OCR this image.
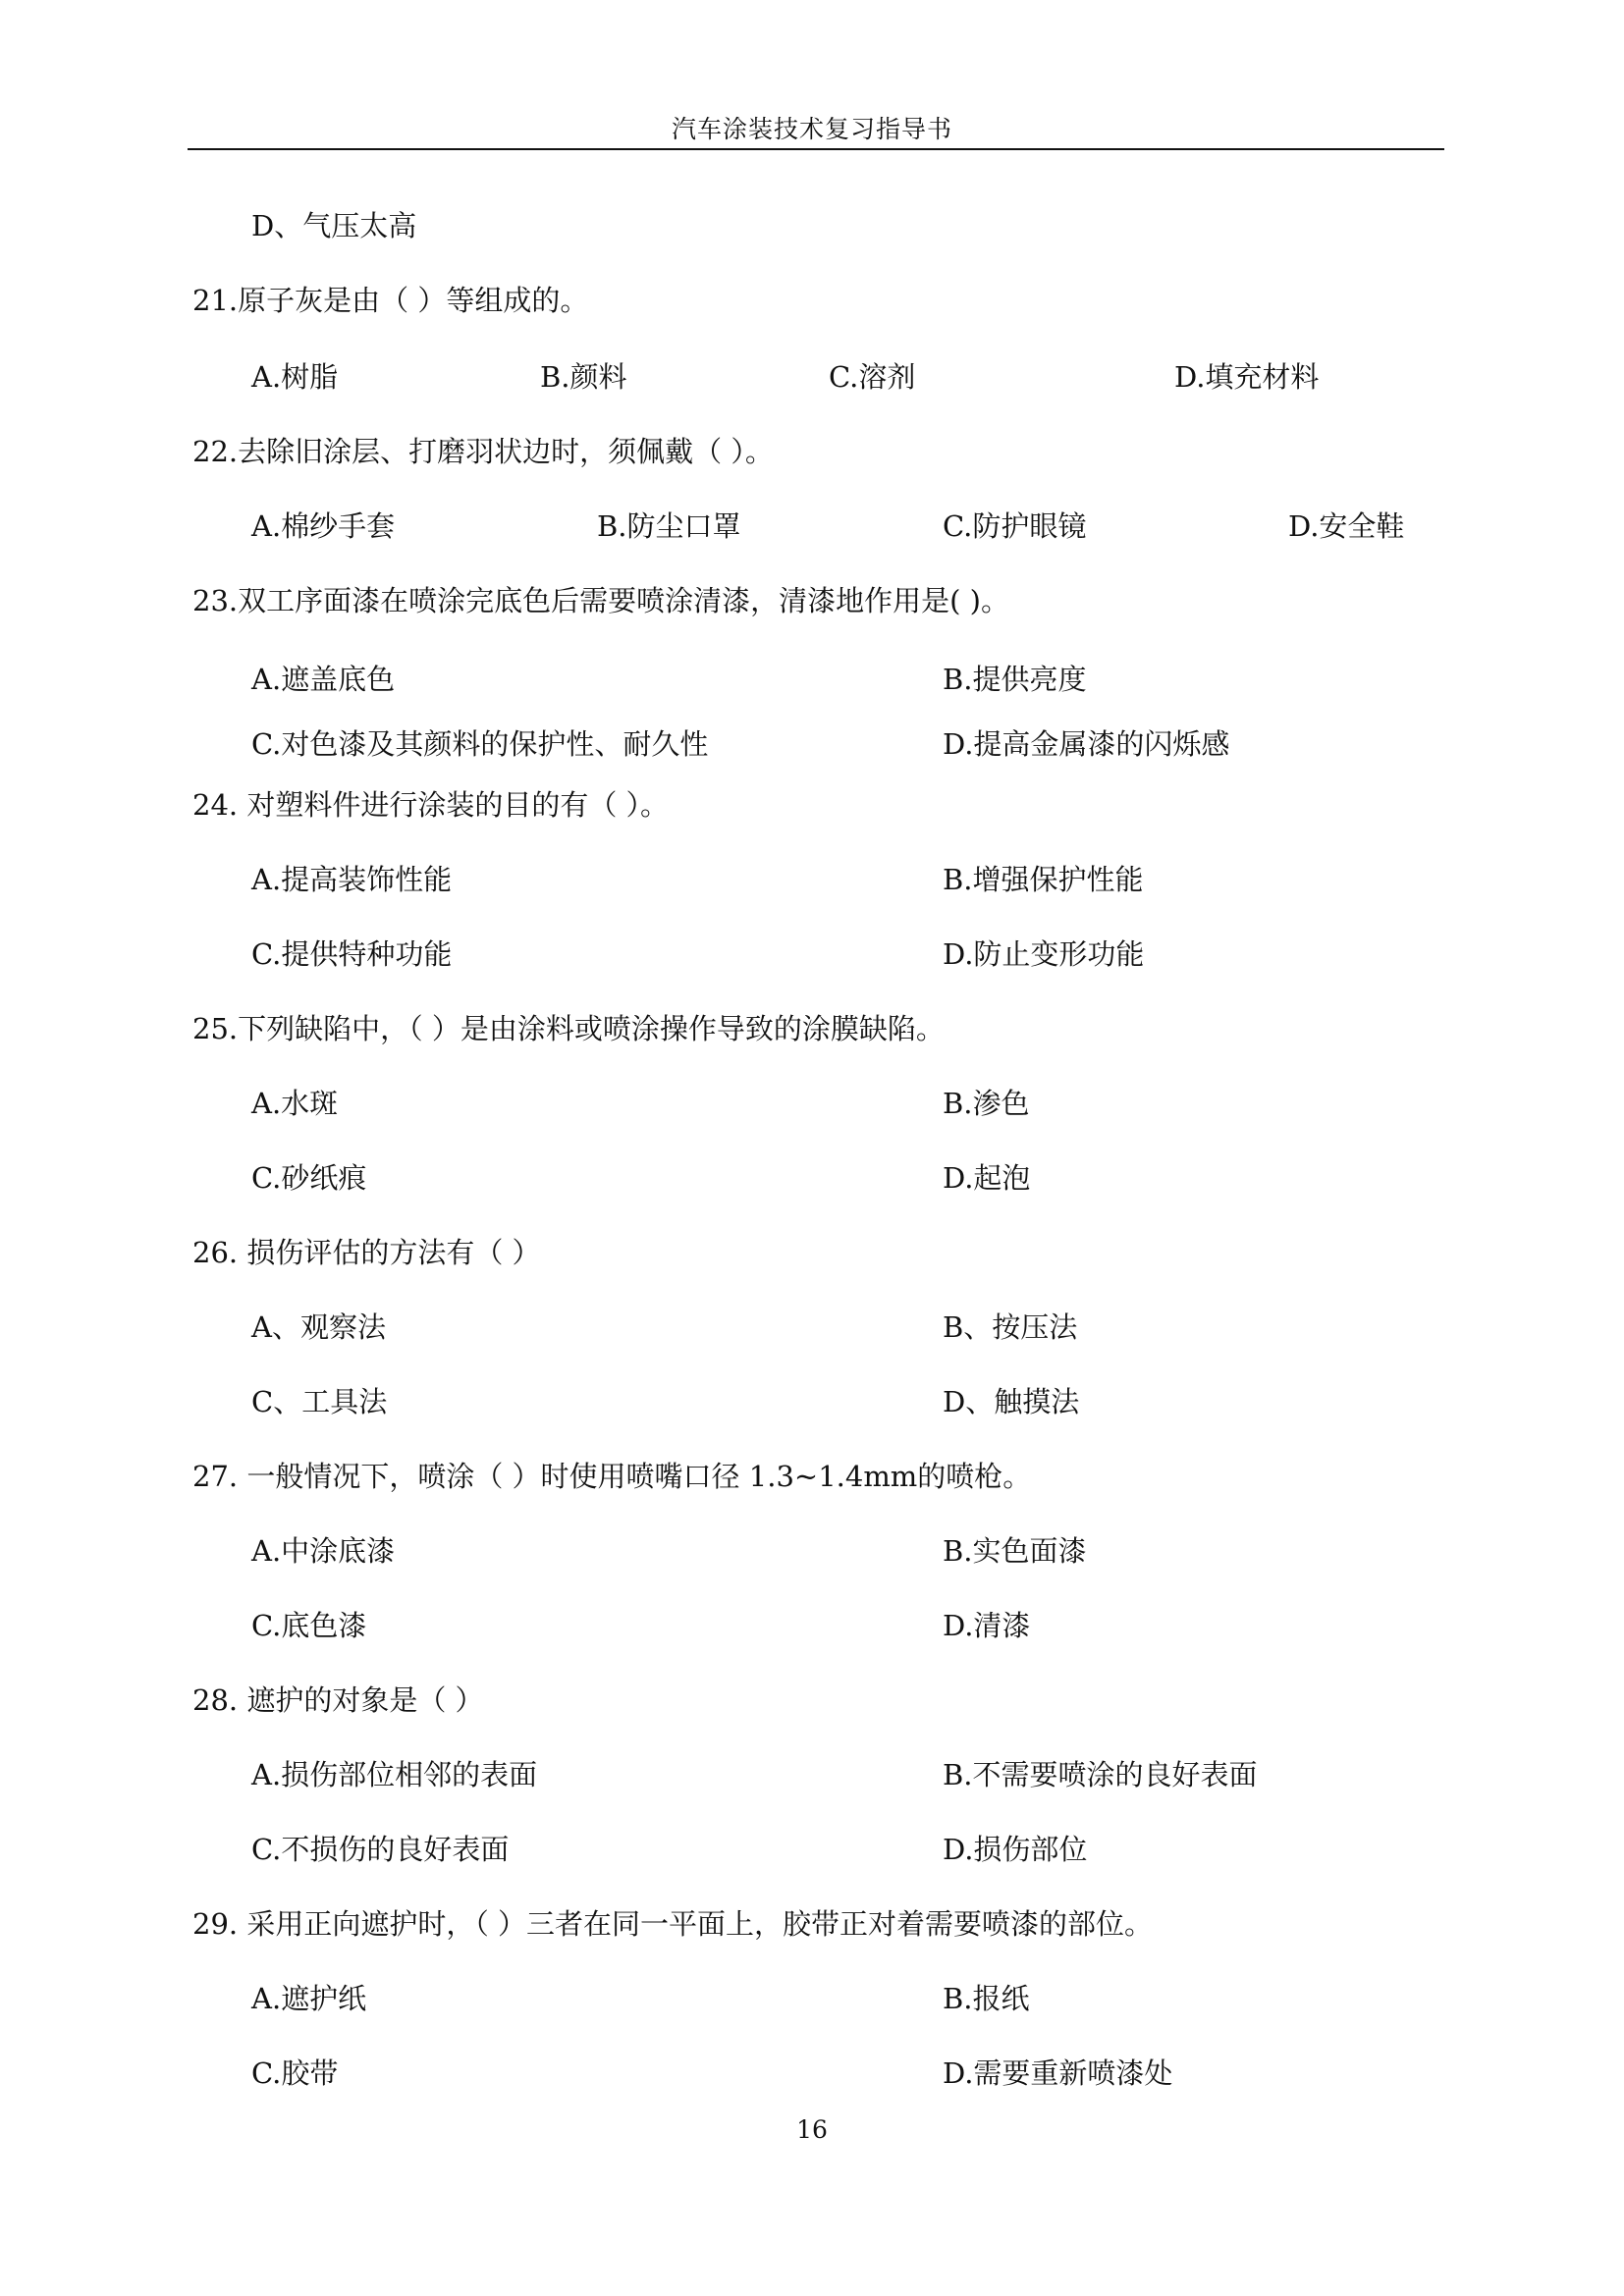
汽车涂装技术复习指导书
D、气压太高
21.原子灰是由（ ）等组成的。
A.树脂	B.颜料	C.溶剂	D.填充材料
22.去除旧涂层、打磨羽状边时，须佩戴（ ）。
A.棉纱手套	B.防尘口罩	C.防护眼镜	D.安全鞋
23.双工序面漆在喷涂完底色后需要喷涂清漆，清漆地作用是( )。
A.遮盖底色	B.提供亮度
C.对色漆及其颜料的保护性、耐久性	D.提高金属漆的闪烁感
24. 对塑料件进行涂装的目的有（ ）。
A.提高装饰性能	B.增强保护性能
C.提供特种功能	D.防止变形功能
25.下列缺陷中，（ ）是由涂料或喷涂操作导致的涂膜缺陷。
A.水斑	B.渗色
C.砂纸痕	D.起泡
26. 损伤评估的方法有（ ）
A、观察法	B、按压法
C、工具法	D、触摸法
27. 一般情况下，喷涂（ ）时使用喷嘴口径 1.3~1.4mm的喷枪。
A.中涂底漆	B.实色面漆
C.底色漆	D.清漆
28. 遮护的对象是（ ）
A.损伤部位相邻的表面	B.不需要喷涂的良好表面
C.不损伤的良好表面	D.损伤部位
29. 采用正向遮护时，（ ）三者在同一平面上，胶带正对着需要喷漆的部位。
A.遮护纸	B.报纸
C.胶带	D.需要重新喷漆处
16
